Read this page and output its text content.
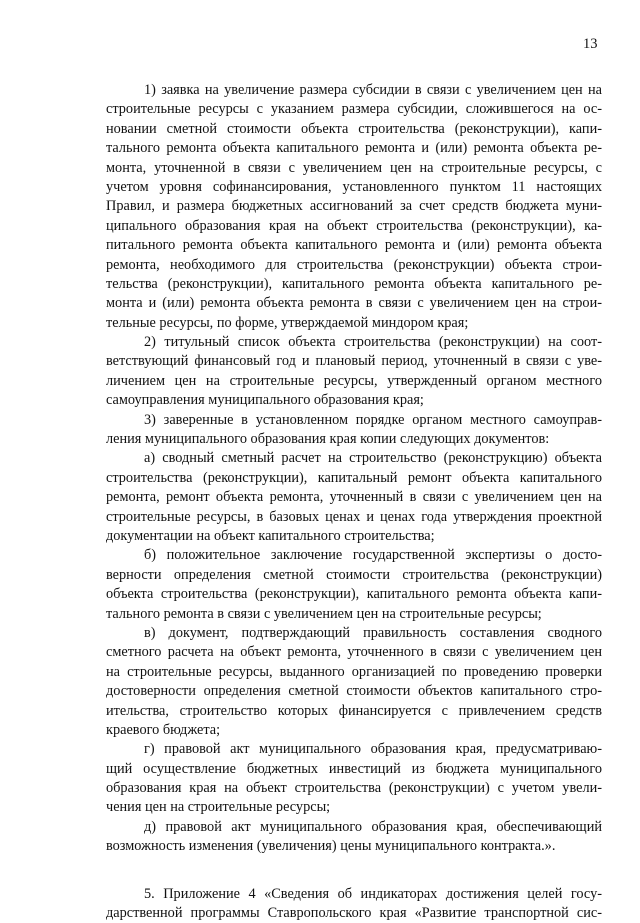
13
1) заявка на увеличение размера субсидии в связи с увеличением цен на
строительные ресурсы с указанием размера субсидии, сложившегося на ос-
новании сметной стоимости объекта строительства (реконструкции), капи-
тального ремонта объекта капитального ремонта и (или) ремонта объекта ре-
монта, уточненной в связи с увеличением цен на строительные ресурсы, с
учетом уровня софинансирования, установленного пунктом 11 настоящих
Правил, и размера бюджетных ассигнований за счет средств бюджета муни-
ципального образования края на объект строительства (реконструкции), ка-
питального ремонта объекта капитального ремонта и (или) ремонта объекта
ремонта, необходимого для строительства (реконструкции) объекта строи-
тельства (реконструкции), капитального ремонта объекта капитального ре-
монта и (или) ремонта объекта ремонта в связи с увеличением цен на строи-
тельные ресурсы, по форме, утверждаемой миндором края;
2) титульный список объекта строительства (реконструкции) на соот-
ветствующий финансовый год и плановый период, уточненный в связи с уве-
личением цен на строительные ресурсы, утвержденный органом местного
самоуправления муниципального образования края;
3) заверенные в установленном порядке органом местного самоуправ-
ления муниципального образования края копии следующих документов:
а) сводный сметный расчет на строительство (реконструкцию) объекта
строительства (реконструкции), капитальный ремонт объекта капитального
ремонта, ремонт объекта ремонта, уточненный в связи с увеличением цен на
строительные ресурсы, в базовых ценах и ценах года утверждения проектной
документации на объект капитального строительства;
б) положительное заключение государственной экспертизы о досто-
верности определения сметной стоимости строительства (реконструкции)
объекта строительства (реконструкции), капитального ремонта объекта капи-
тального ремонта в связи с увеличением цен на строительные ресурсы;
в) документ, подтверждающий правильность составления сводного
сметного расчета на объект ремонта, уточненного в связи с увеличением цен
на строительные ресурсы, выданного организацией по проведению проверки
достоверности определения сметной стоимости объектов капитального стро-
ительства, строительство которых финансируется с привлечением средств
краевого бюджета;
г) правовой акт муниципального образования края, предусматриваю-
щий осуществление бюджетных инвестиций из бюджета муниципального
образования края на объект строительства (реконструкции) с учетом увели-
чения цен на строительные ресурсы;
д) правовой акт муниципального образования края, обеспечивающий
возможность изменения (увеличения) цены муниципального контракта.».
5. Приложение 4 «Сведения об индикаторах достижения целей госу-
дарственной программы Ставропольского края «Развитие транспортной сис-
